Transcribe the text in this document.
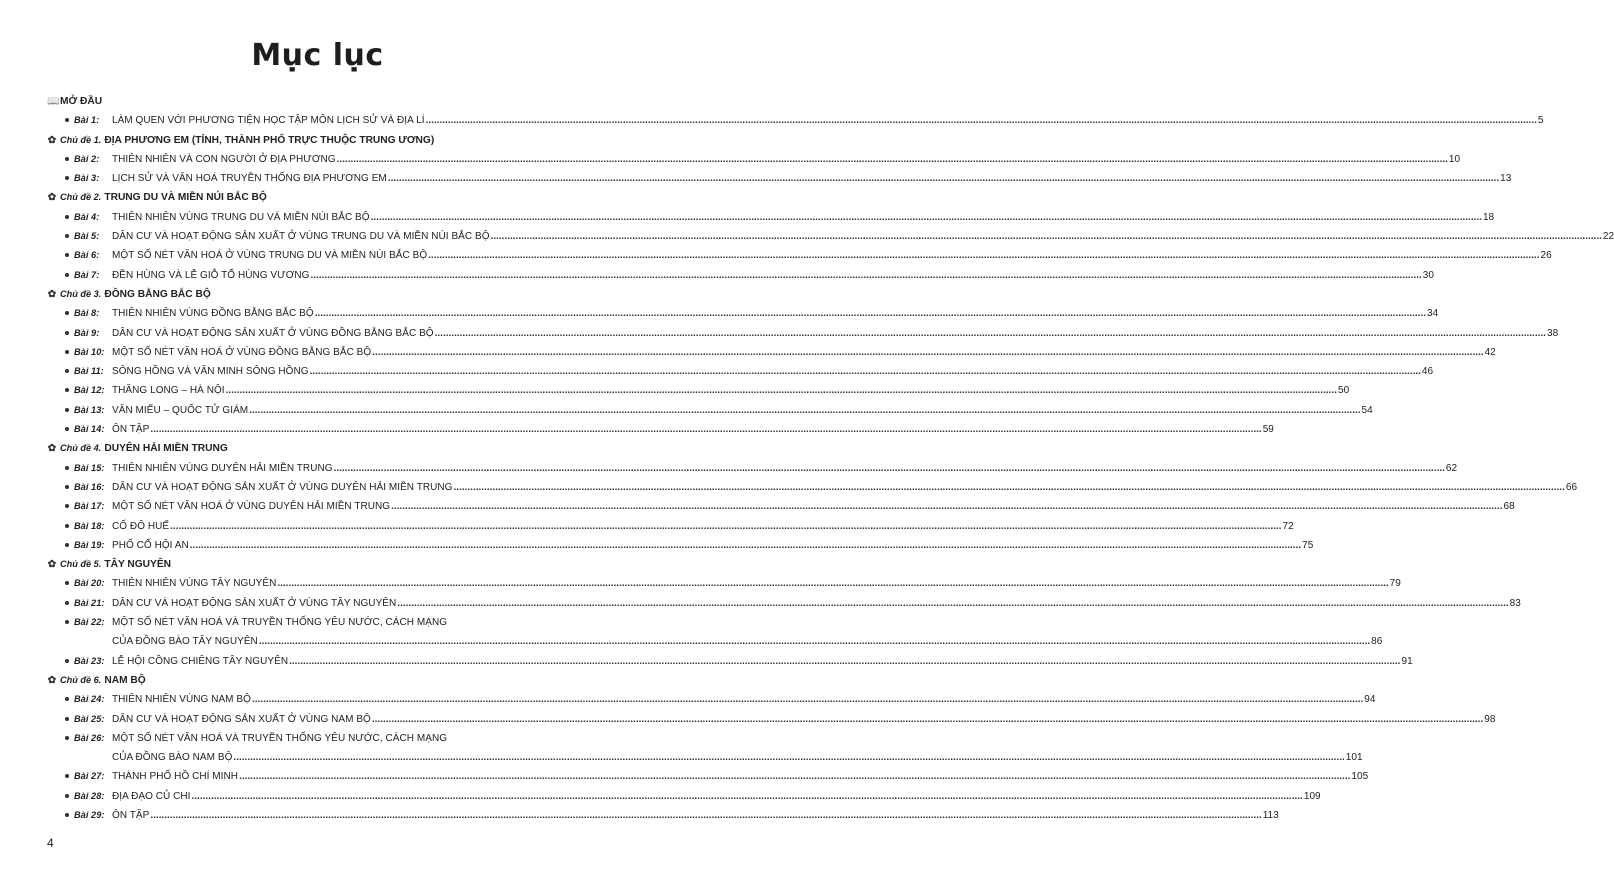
Mục lục
📖 MỞ ĐẦU
Bài 1: LÀM QUEN VỚI PHƯƠNG TIỆN HỌC TẬP MÔN LỊCH SỬ VÀ ĐỊA LÍ ................................................................................................................................................................................................................................................................................................................................................................................................................ 5
✿ Chủ đề 1. ĐỊA PHƯƠNG EM (TỈNH, THÀNH PHỐ TRỰC THUỘC TRUNG ƯƠNG)
Bài 2: THIÊN NHIÊN VÀ CON NGƯỜI Ở ĐỊA PHƯƠNG ................................................................................................................................................................................................................................................................................................................................................................................................................ 10
Bài 3: LỊCH SỬ VÀ VĂN HOÁ TRUYỀN THỐNG ĐỊA PHƯƠNG EM ................................................................................................................................................................................................................................................................................................................................................................................................................ 13
✿ Chủ đề 2. TRUNG DU VÀ MIỀN NÚI BẮC BỘ
Bài 4: THIÊN NHIÊN VÙNG TRUNG DU VÀ MIỀN NÚI BẮC BỘ ................................................................................................................................................................................................................................................................................................................................................................................................................ 18
Bài 5: DÂN CƯ VÀ HOẠT ĐỘNG SẢN XUẤT Ở VÙNG TRUNG DU VÀ MIỀN NÚI BẮC BỘ ................................................................................................................................................................................................................................................................................................................................................................................................................ 22
Bài 6: MỘT SỐ NÉT VĂN HOÁ Ở VÙNG TRUNG DU VÀ MIỀN NÚI BẮC BỘ ................................................................................................................................................................................................................................................................................................................................................................................................................ 26
Bài 7: ĐỀN HÙNG VÀ LỄ GIỖ TỔ HÙNG VƯƠNG ................................................................................................................................................................................................................................................................................................................................................................................................................ 30
✿ Chủ đề 3. ĐỒNG BẰNG BẮC BỘ
Bài 8: THIÊN NHIÊN VÙNG ĐỒNG BẰNG BẮC BỘ ................................................................................................................................................................................................................................................................................................................................................................................................................ 34
Bài 9: DÂN CƯ VÀ HOẠT ĐỘNG SẢN XUẤT Ở VÙNG ĐỒNG BẰNG BẮC BỘ ................................................................................................................................................................................................................................................................................................................................................................................................................ 38
Bài 10: MỘT SỐ NÉT VĂN HOÁ Ở VÙNG ĐỒNG BẰNG BẮC BỘ ................................................................................................................................................................................................................................................................................................................................................................................................................ 42
Bài 11: SÔNG HỒNG VÀ VĂN MINH SÔNG HỒNG ................................................................................................................................................................................................................................................................................................................................................................................................................ 46
Bài 12: THĂNG LONG – HÀ NỘI ................................................................................................................................................................................................................................................................................................................................................................................................................ 50
Bài 13: VĂN MIẾU – QUỐC TỬ GIÁM ................................................................................................................................................................................................................................................................................................................................................................................................................ 54
Bài 14: ÔN TẬP ................................................................................................................................................................................................................................................................................................................................................................................................................ 59
✿ Chủ đề 4. DUYÊN HẢI MIỀN TRUNG
Bài 15: THIÊN NHIÊN VÙNG DUYÊN HẢI MIỀN TRUNG ................................................................................................................................................................................................................................................................................................................................................................................................................ 62
Bài 16: DÂN CƯ VÀ HOẠT ĐỘNG SẢN XUẤT Ở VÙNG DUYÊN HẢI MIỀN TRUNG ................................................................................................................................................................................................................................................................................................................................................................................................................ 66
Bài 17: MỘT SỐ NÉT VĂN HOÁ Ở VÙNG DUYÊN HẢI MIỀN TRUNG ................................................................................................................................................................................................................................................................................................................................................................................................................ 68
Bài 18: CỐ ĐÔ HUẾ ................................................................................................................................................................................................................................................................................................................................................................................................................ 72
Bài 19: PHỐ CỔ HỘI AN ................................................................................................................................................................................................................................................................................................................................................................................................................ 75
✿ Chủ đề 5. TÂY NGUYÊN
Bài 20: THIÊN NHIÊN VÙNG TÂY NGUYÊN ................................................................................................................................................................................................................................................................................................................................................................................................................ 79
Bài 21: DÂN CƯ VÀ HOẠT ĐỘNG SẢN XUẤT Ở VÙNG TÂY NGUYÊN ................................................................................................................................................................................................................................................................................................................................................................................................................ 83
Bài 22: MỘT SỐ NÉT VĂN HOÁ VÀ TRUYỀN THỐNG YÊU NƯỚC, CÁCH MẠNG
CỦA ĐỒNG BÀO TÂY NGUYÊN ................................................................................................................................................................................................................................................................................................................................................................................................................ 86
Bài 23: LỄ HỘI CỒNG CHIÊNG TÂY NGUYÊN ................................................................................................................................................................................................................................................................................................................................................................................................................ 91
✿ Chủ đề 6. NAM BỘ
Bài 24: THIÊN NHIÊN VÙNG NAM BỘ ................................................................................................................................................................................................................................................................................................................................................................................................................ 94
Bài 25: DÂN CƯ VÀ HOẠT ĐỘNG SẢN XUẤT Ở VÙNG NAM BỘ ................................................................................................................................................................................................................................................................................................................................................................................................................ 98
Bài 26: MỘT SỐ NÉT VĂN HOÁ VÀ TRUYỀN THỐNG YÊU NƯỚC, CÁCH MẠNG
CỦA ĐỒNG BÀO NAM BỘ ................................................................................................................................................................................................................................................................................................................................................................................................................ 101
Bài 27: THÀNH PHỐ HỒ CHÍ MINH ................................................................................................................................................................................................................................................................................................................................................................................................................ 105
Bài 28: ĐỊA ĐẠO CỦ CHI ................................................................................................................................................................................................................................................................................................................................................................................................................ 109
Bài 29: ÔN TẬP ................................................................................................................................................................................................................................................................................................................................................................................................................ 113
4
